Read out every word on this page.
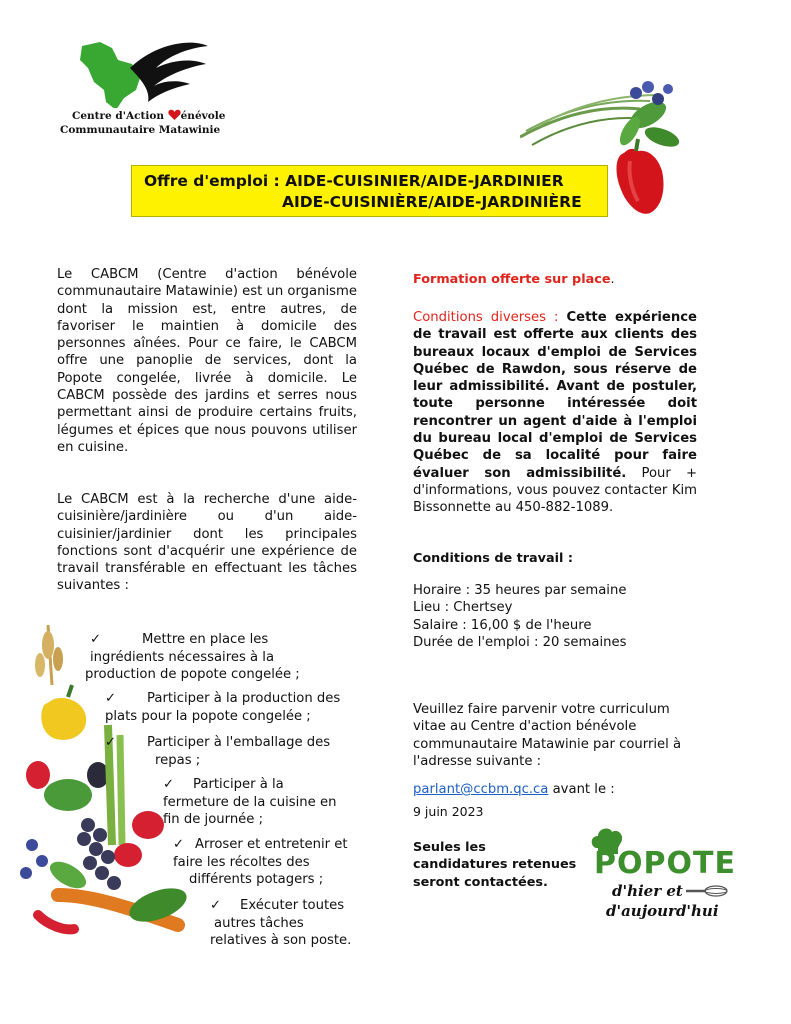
Centre d'Action énévole
Communautaire Matawinie
Offre d'emploi : AIDE-CUISINIER/AIDE-JARDINIER
AIDE-CUISINIÈRE/AIDE-JARDINIÈRE
Le CABCM (Centre d'action bénévole communautaire Matawinie) est un organisme dont la mission est, entre autres, de favoriser le maintien à domicile des personnes aînées. Pour ce faire, le CABCM offre une panoplie de services, dont la Popote congelée, livrée à domicile. Le CABCM possède des jardins et serres nous permettant ainsi de produire certains fruits, légumes et épices que nous pouvons utiliser en cuisine.
Le CABCM est à la recherche d'une aide-cuisinière/jardinière ou d'un aide-cuisinier/jardinier dont les principales fonctions sont d'acquérir une expérience de travail transférable en effectuant les tâches suivantes :
✓	Mettre en place les
ingrédients nécessaires à la
production de popote congelée ;
✓ Participer à la production des
plats pour la popote congelée ;
✓ Participer à l'emballage des
repas ;
✓ Participer à la
fermeture de la cuisine en
fin de journée ;
✓ Arroser et entretenir et
faire les récoltes des
différents potagers ;
✓ Exécuter toutes
autres tâches
relatives à son poste.
Formation offerte sur place.
Conditions diverses : Cette expérience de travail est offerte aux clients des bureaux locaux d'emploi de Services Québec de Rawdon, sous réserve de leur admissibilité. Avant de postuler, toute personne intéressée doit rencontrer un agent d'aide à l'emploi du bureau local d'emploi de Services Québec de sa localité pour faire évaluer son admissibilité. Pour + d'informations, vous pouvez contacter Kim Bissonnette au 450-882-1089.
Conditions de travail :
Horaire : 35 heures par semaine
Lieu : Chertsey
Salaire : 16,00 $ de l'heure
Durée de l'emploi : 20 semaines
Veuillez faire parvenir votre curriculum vitae au Centre d'action bénévole communautaire Matawinie par courriel à l'adresse suivante :
parlant@ccbm.qc.ca avant le :
9 juin 2023
Seules les candidatures retenues seront contactées.
POPOTE
d'hier et
d'aujourd'hui
